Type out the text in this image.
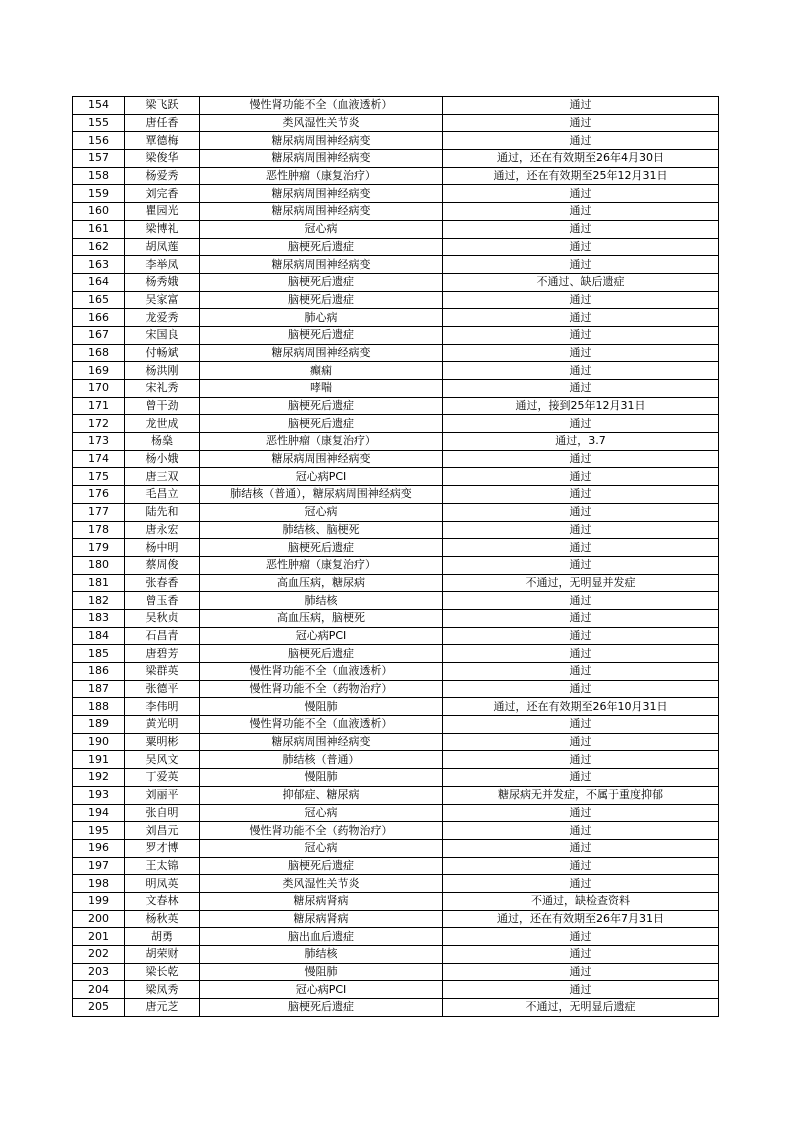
154	梁飞跃	慢性肾功能不全（血液透析）	通过
155	唐任香	类风湿性关节炎	通过
156	覃德梅	糖尿病周围神经病变	通过
157	梁俊华	糖尿病周围神经病变	通过，还在有效期至26年4月30日
158	杨爱秀	恶性肿瘤（康复治疗）	通过，还在有效期至25年12月31日
159	刘完香	糖尿病周围神经病变	通过
160	瞿园光	糖尿病周围神经病变	通过
161	梁博礼	冠心病	通过
162	胡凤莲	脑梗死后遗症	通过
163	李举凤	糖尿病周围神经病变	通过
164	杨秀娥	脑梗死后遗症	不通过、缺后遗症
165	吴家富	脑梗死后遗症	通过
166	龙爱秀	肺心病	通过
167	宋国良	脑梗死后遗症	通过
168	付畅斌	糖尿病周围神经病变	通过
169	杨洪刚	癫痫	通过
170	宋礼秀	哮喘	通过
171	曾干劲	脑梗死后遗症	通过，接到25年12月31日
172	龙世成	脑梗死后遗症	通过
173	杨燊	恶性肿瘤（康复治疗）	通过，3.7
174	杨小娥	糖尿病周围神经病变	通过
175	唐三双	冠心病PCI	通过
176	毛昌立	肺结核（普通），糖尿病周围神经病变	通过
177	陆先和	冠心病	通过
178	唐永宏	肺结核、脑梗死	通过
179	杨中明	脑梗死后遗症	通过
180	蔡周俊	恶性肿瘤（康复治疗）	通过
181	张春香	高血压病，糖尿病	不通过，无明显并发症
182	曾玉香	肺结核	通过
183	吴秋贞	高血压病，脑梗死	通过
184	石昌青	冠心病PCI	通过
185	唐碧芳	脑梗死后遗症	通过
186	梁群英	慢性肾功能不全（血液透析）	通过
187	张德平	慢性肾功能不全（药物治疗）	通过
188	李伟明	慢阻肺	通过，还在有效期至26年10月31日
189	黄光明	慢性肾功能不全（血液透析）	通过
190	粟明彬	糖尿病周围神经病变	通过
191	吴风文	肺结核（普通）	通过
192	丁爱英	慢阻肺	通过
193	刘丽平	抑郁症、糖尿病	糖尿病无并发症，不属于重度抑郁
194	张自明	冠心病	通过
195	刘昌元	慢性肾功能不全（药物治疗）	通过
196	罗才博	冠心病	通过
197	王太锦	脑梗死后遗症	通过
198	明凤英	类风湿性关节炎	通过
199	文春林	糖尿病肾病	不通过，缺检查资料
200	杨秋英	糖尿病肾病	通过，还在有效期至26年7月31日
201	胡勇	脑出血后遗症	通过
202	胡荣财	肺结核	通过
203	梁长乾	慢阻肺	通过
204	梁凤秀	冠心病PCI	通过
205	唐元芝	脑梗死后遗症	不通过，无明显后遗症
